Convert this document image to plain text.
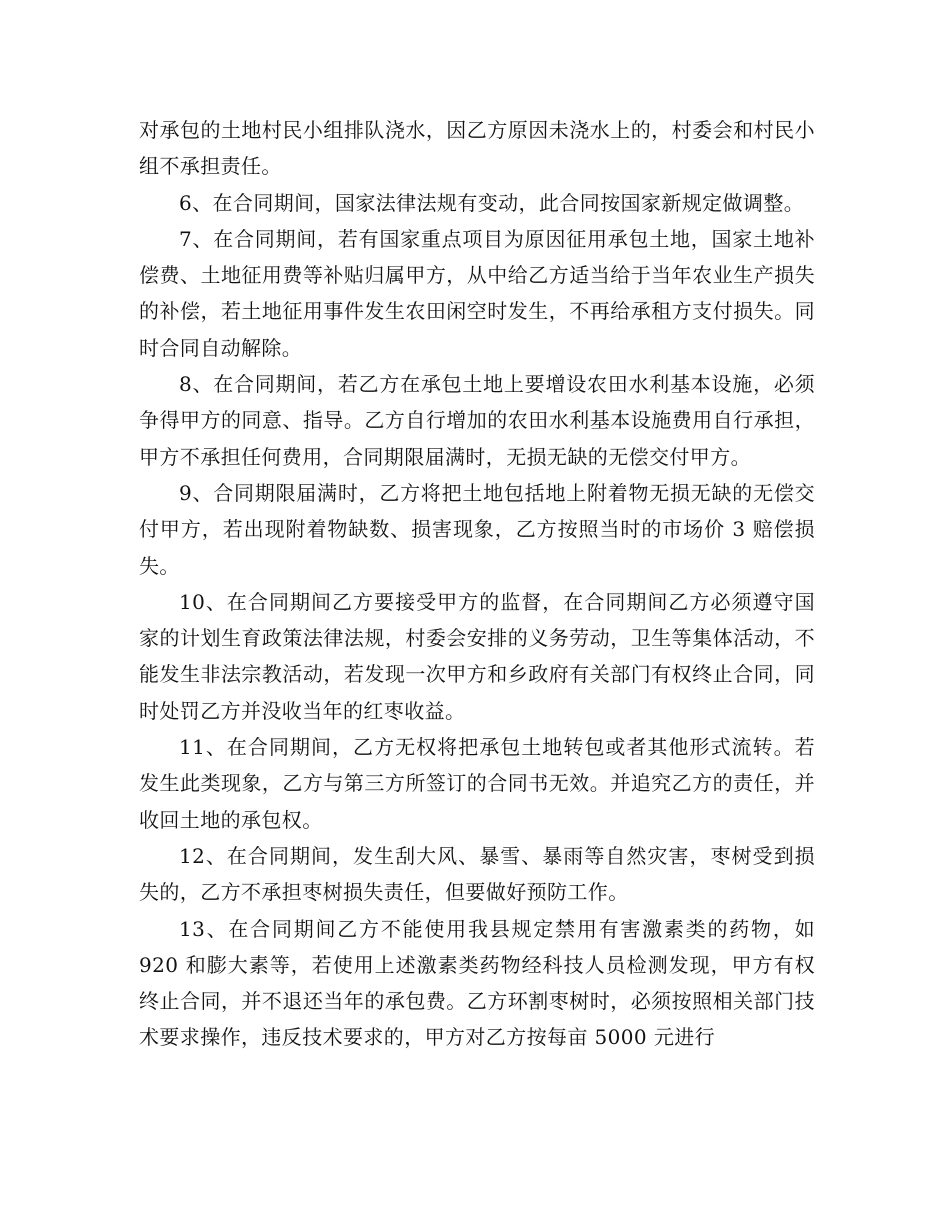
对承包的土地村民小组排队浇水，因乙方原因未浇水上的，村委会和村民小组不承担责任。

6、在合同期间，国家法律法规有变动，此合同按国家新规定做调整。

7、在合同期间，若有国家重点项目为原因征用承包土地，国家土地补偿费、土地征用费等补贴归属甲方，从中给乙方适当给于当年农业生产损失的补偿，若土地征用事件发生农田闲空时发生，不再给承租方支付损失。同时合同自动解除。

8、在合同期间，若乙方在承包土地上要增设农田水利基本设施，必须争得甲方的同意、指导。乙方自行增加的农田水利基本设施费用自行承担，甲方不承担任何费用，合同期限届满时，无损无缺的无偿交付甲方。

9、合同期限届满时，乙方将把土地包括地上附着物无损无缺的无偿交付甲方，若出现附着物缺数、损害现象，乙方按照当时的市场价 3 赔偿损失。

10、在合同期间乙方要接受甲方的监督，在合同期间乙方必须遵守国家的计划生育政策法律法规，村委会安排的义务劳动，卫生等集体活动，不能发生非法宗教活动，若发现一次甲方和乡政府有关部门有权终止合同，同时处罚乙方并没收当年的红枣收益。

11、在合同期间，乙方无权将把承包土地转包或者其他形式流转。若发生此类现象，乙方与第三方所签订的合同书无效。并追究乙方的责任，并收回土地的承包权。

12、在合同期间，发生刮大风、暴雪、暴雨等自然灾害，枣树受到损失的，乙方不承担枣树损失责任，但要做好预防工作。

13、在合同期间乙方不能使用我县规定禁用有害激素类的药物，如 920 和膨大素等，若使用上述激素类药物经科技人员检测发现，甲方有权终止合同，并不退还当年的承包费。乙方环割枣树时，必须按照相关部门技术要求操作，违反技术要求的，甲方对乙方按每亩 5000 元进行
